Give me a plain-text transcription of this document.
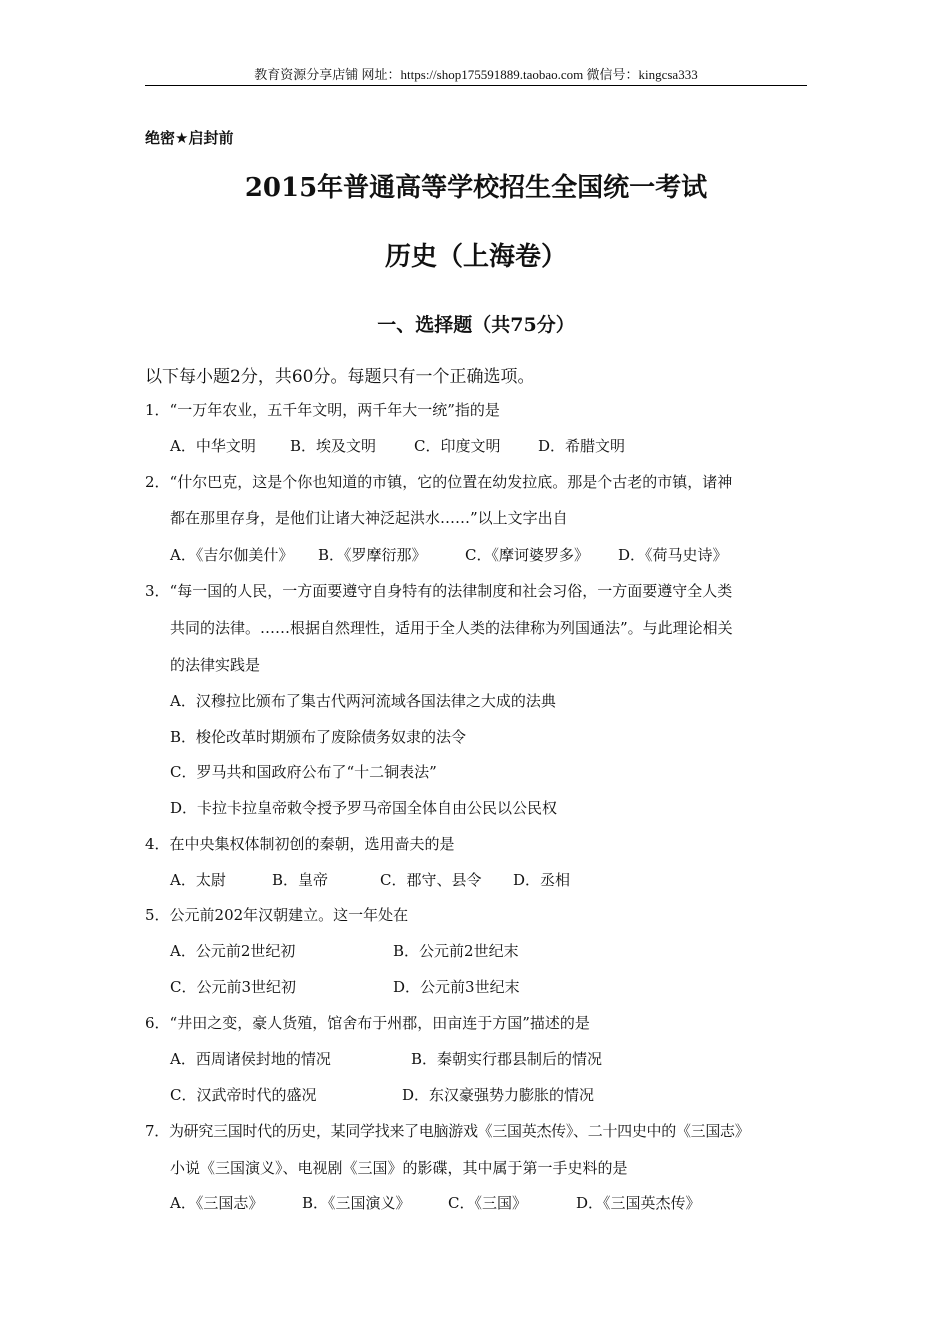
教育资源分享店铺 网址：https://shop175591889.taobao.com 微信号：kingcsa333
绝密★启封前
2015年普通高等学校招生全国统一考试
历史（上海卷）
一、选择题（共75分）
以下每小题2分，共60分。每题只有一个正确选项。
1．“一万年农业，五千年文明，两千年大一统”指的是
A．中华文明 B．埃及文明	C．印度文明	D．希腊文明
2．“什尔巴克，这是个你也知道的市镇，它的位置在幼发拉底。那是个古老的市镇，诸神
都在那里存身，是他们让诸大神泛起洪水……”以上文字出自
A．《吉尔伽美什》 B．《罗摩衍那》	C．《摩诃婆罗多》 D．《荷马史诗》
3．“每一国的人民，一方面要遵守自身特有的法律制度和社会习俗，一方面要遵守全人类
共同的法律。……根据自然理性，适用于全人类的法律称为列国通法”。与此理论相关
的法律实践是
A．汉穆拉比颁布了集古代两河流域各国法律之大成的法典
B．梭伦改革时期颁布了废除债务奴隶的法令
C．罗马共和国政府公布了“十二铜表法”
D．卡拉卡拉皇帝敕令授予罗马帝国全体自由公民以公民权
4．在中央集权体制初创的秦朝，选用啬夫的是
A．太尉	B．皇帝	C．郡守、县令 D．丞相
5．公元前202年汉朝建立。这一年处在
A．公元前2世纪初	B．公元前2世纪末
C．公元前3世纪初	D．公元前3世纪末
6．“井田之变，豪人货殖，馆舍布于州郡，田亩连于方国”描述的是
A．西周诸侯封地的情况	B．秦朝实行郡县制后的情况
C．汉武帝时代的盛况	D．东汉豪强势力膨胀的情况
7．为研究三国时代的历史，某同学找来了电脑游戏《三国英杰传》、二十四史中的《三国志》
小说《三国演义》、电视剧《三国》的影碟，其中属于第一手史料的是
A．《三国志》	B．《三国演义》 C．《三国》	D．《三国英杰传》
